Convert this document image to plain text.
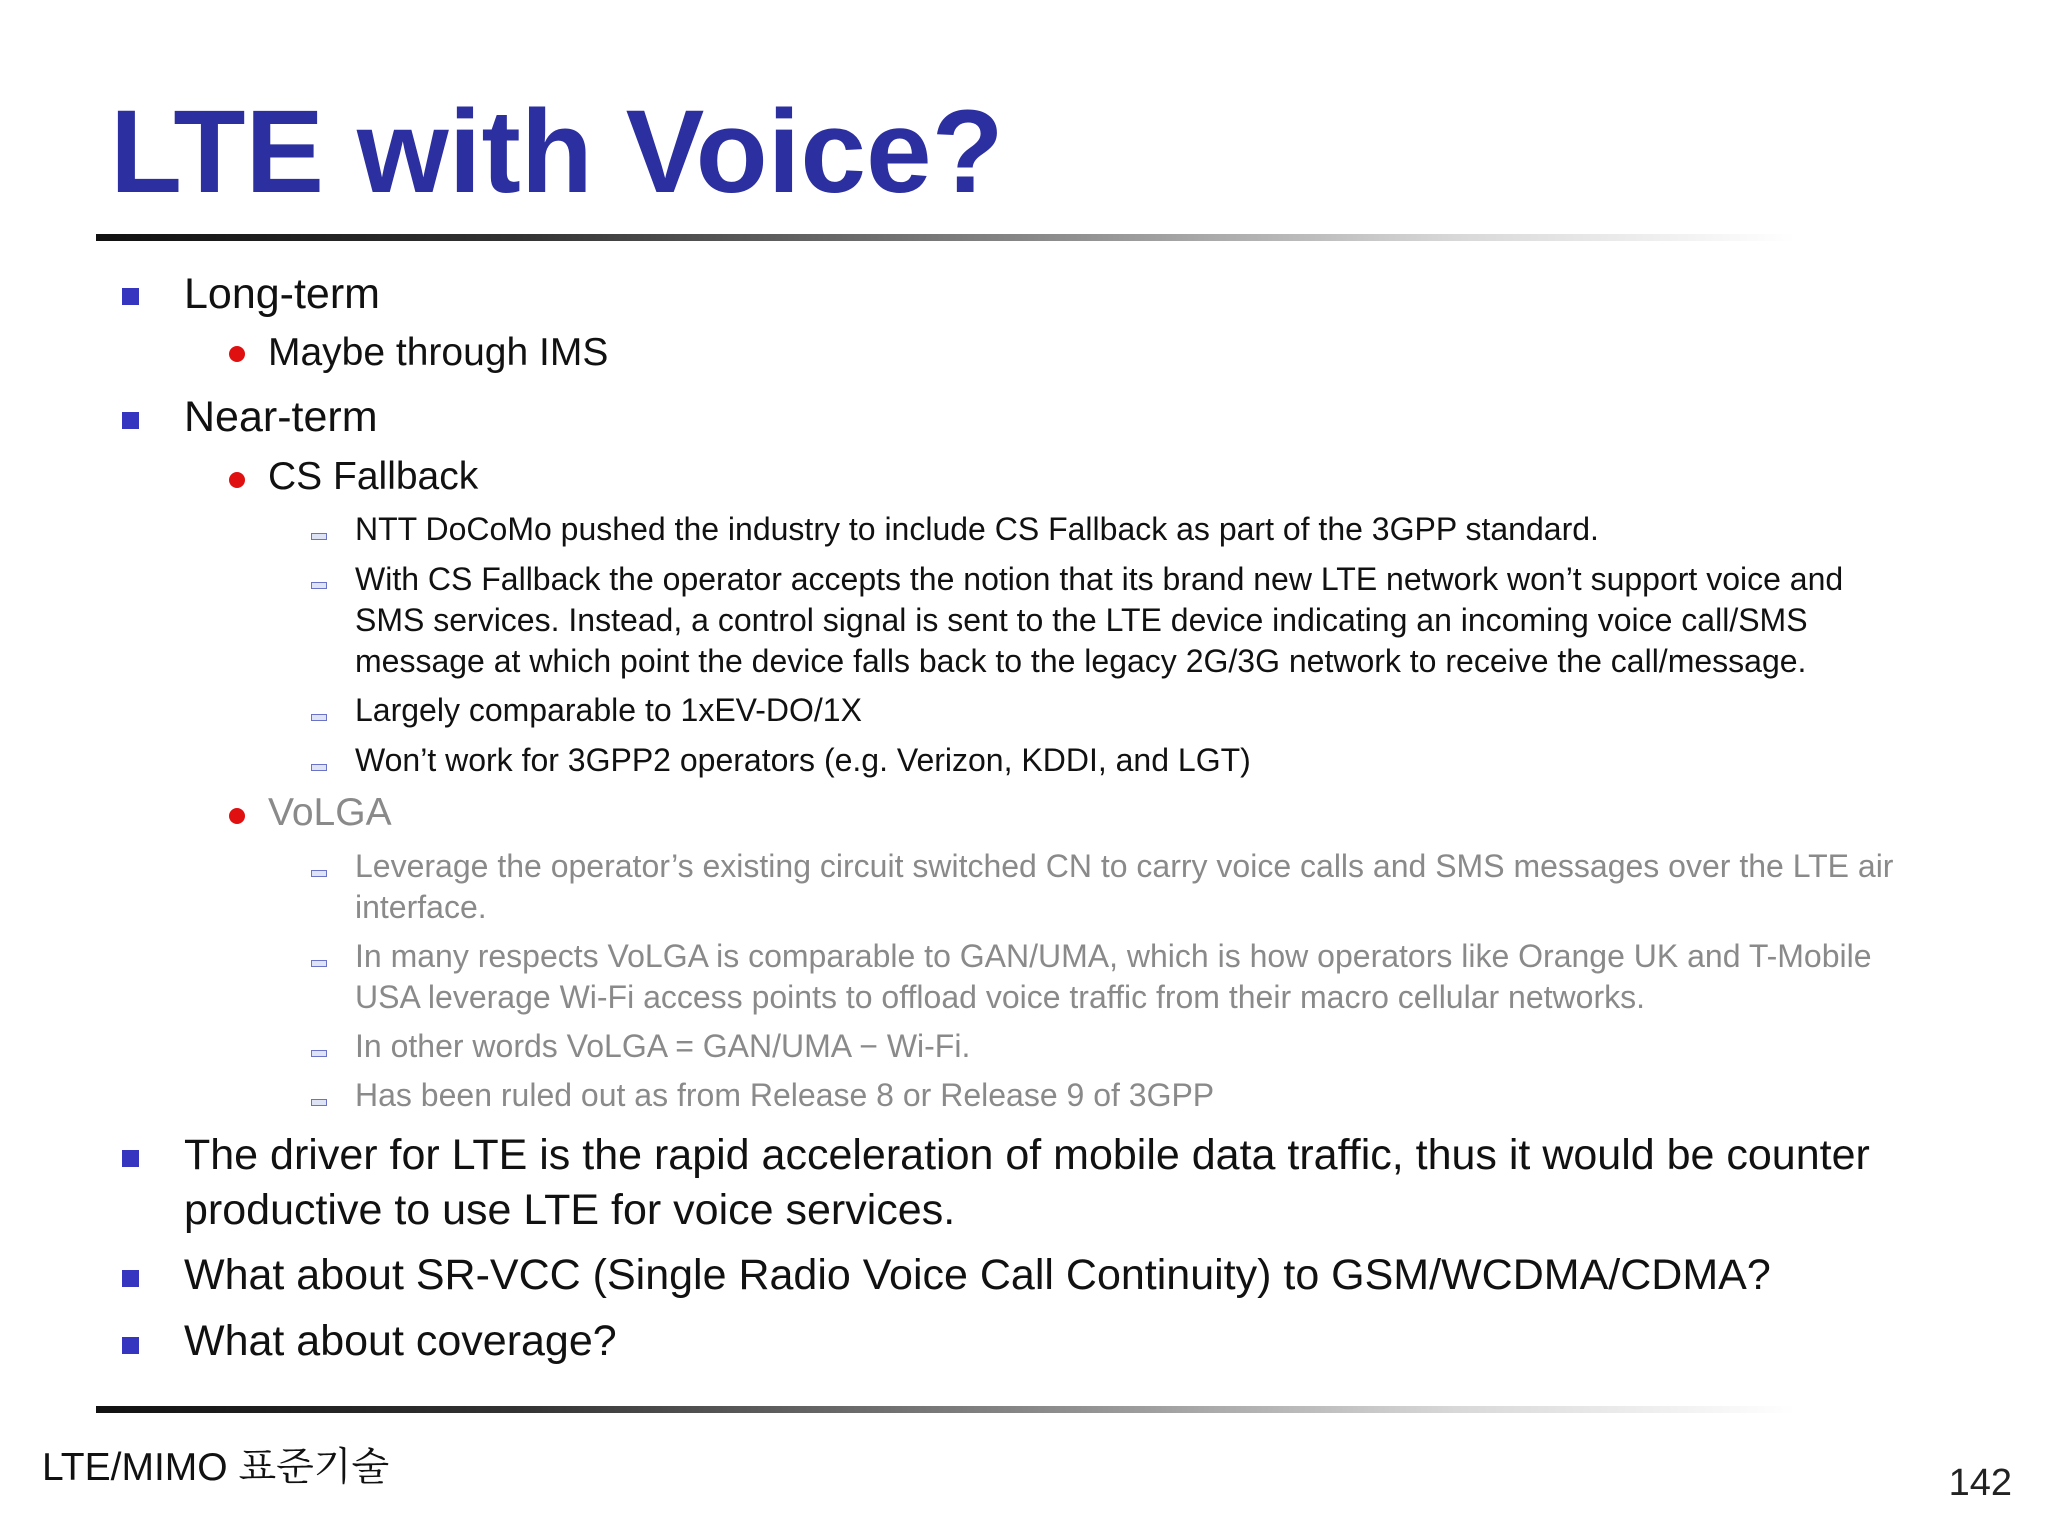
LTE with Voice?
Long-term
Maybe through IMS
Near-term
CS Fallback
NTT DoCoMo pushed the industry to include CS Fallback as part of the 3GPP standard.
With CS Fallback the operator accepts the notion that its brand new LTE network won’t support voice and
SMS services. Instead, a control signal is sent to the LTE device indicating an incoming voice call/SMS
message at which point the device falls back to the legacy 2G/3G network to receive the call/message.
Largely comparable to 1xEV-DO/1X
Won’t work for 3GPP2 operators (e.g. Verizon, KDDI, and LGT)
VoLGA
Leverage the operator’s existing circuit switched CN to carry voice calls and SMS messages over the LTE air
interface.
In many respects VoLGA is comparable to GAN/UMA, which is how operators like Orange UK and T-Mobile
USA leverage Wi-Fi access points to offload voice traffic from their macro cellular networks.
In other words VoLGA = GAN/UMA − Wi-Fi.
Has been ruled out as from Release 8 or Release 9 of 3GPP
The driver for LTE is the rapid acceleration of mobile data traffic, thus it would be counter
productive to use LTE for voice services.
What about SR-VCC (Single Radio Voice Call Continuity) to GSM/WCDMA/CDMA?
What about coverage?
LTE/MIMO 표준기술	142
